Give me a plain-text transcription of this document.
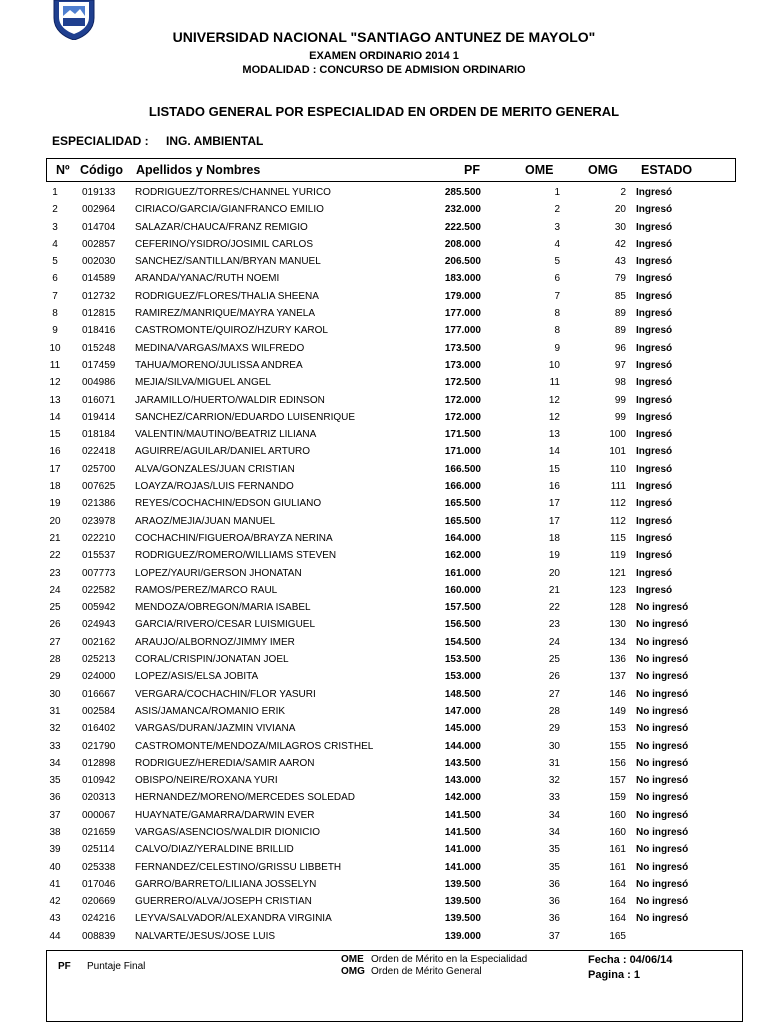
UNIVERSIDAD NACIONAL "SANTIAGO ANTUNEZ DE MAYOLO"
EXAMEN ORDINARIO 2014 1
MODALIDAD : CONCURSO DE ADMISION ORDINARIO
LISTADO GENERAL POR ESPECIALIDAD EN ORDEN DE MERITO GENERAL
ESPECIALIDAD : ING. AMBIENTAL
Nº Código Apellidos y Nombres	PF	OME	OMG ESTADO
1	019133 RODRIGUEZ/TORRES/CHANNEL YURICO	285.500	1	2 Ingresó
2	002964 CIRIACO/GARCIA/GIANFRANCO EMILIO	232.000	2	20 Ingresó
3	014704 SALAZAR/CHAUCA/FRANZ REMIGIO	222.500	3	30 Ingresó
4	002857 CEFERINO/YSIDRO/JOSIMIL CARLOS	208.000	4	42 Ingresó
5	002030 SANCHEZ/SANTILLAN/BRYAN MANUEL	206.500	5	43 Ingresó
6	014589 ARANDA/YANAC/RUTH NOEMI	183.000	6	79 Ingresó
7	012732 RODRIGUEZ/FLORES/THALIA SHEENA	179.000	7	85 Ingresó
8	012815 RAMIREZ/MANRIQUE/MAYRA YANELA	177.000	8	89 Ingresó
9	018416 CASTROMONTE/QUIROZ/HZURY KAROL	177.000	8	89 Ingresó
10	015248 MEDINA/VARGAS/MAXS WILFREDO	173.500	9	96 Ingresó
11	017459 TAHUA/MORENO/JULISSA ANDREA	173.000	10	97 Ingresó
12	004986 MEJIA/SILVA/MIGUEL ANGEL	172.500	11	98 Ingresó
13	016071 JARAMILLO/HUERTO/WALDIR EDINSON	172.000	12	99 Ingresó
14	019414 SANCHEZ/CARRION/EDUARDO LUISENRIQUE	172.000	12	99 Ingresó
15	018184 VALENTIN/MAUTINO/BEATRIZ LILIANA	171.500	13	100 Ingresó
16	022418 AGUIRRE/AGUILAR/DANIEL ARTURO	171.000	14	101 Ingresó
17	025700 ALVA/GONZALES/JUAN CRISTIAN	166.500	15	110 Ingresó
18	007625 LOAYZA/ROJAS/LUIS FERNANDO	166.000	16	111 Ingresó
19	021386 REYES/COCHACHIN/EDSON GIULIANO	165.500	17	112 Ingresó
20	023978 ARAOZ/MEJIA/JUAN MANUEL	165.500	17	112 Ingresó
21	022210 COCHACHIN/FIGUEROA/BRAYZA NERINA	164.000	18	115 Ingresó
22	015537 RODRIGUEZ/ROMERO/WILLIAMS STEVEN	162.000	19	119 Ingresó
23	007773 LOPEZ/YAURI/GERSON JHONATAN	161.000	20	121 Ingresó
24	022582 RAMOS/PEREZ/MARCO RAUL	160.000	21	123 Ingresó
25	005942 MENDOZA/OBREGON/MARIA ISABEL	157.500	22	128 No ingresó
26	024943 GARCIA/RIVERO/CESAR LUISMIGUEL	156.500	23	130 No ingresó
27	002162 ARAUJO/ALBORNOZ/JIMMY IMER	154.500	24	134 No ingresó
28	025213 CORAL/CRISPIN/JONATAN JOEL	153.500	25	136 No ingresó
29	024000 LOPEZ/ASIS/ELSA JOBITA	153.000	26	137 No ingresó
30	016667 VERGARA/COCHACHIN/FLOR YASURI	148.500	27	146 No ingresó
31	002584 ASIS/JAMANCA/ROMANIO ERIK	147.000	28	149 No ingresó
32	016402 VARGAS/DURAN/JAZMIN VIVIANA	145.000	29	153 No ingresó
33	021790 CASTROMONTE/MENDOZA/MILAGROS CRISTHEL	144.000	30	155 No ingresó
34	012898 RODRIGUEZ/HEREDIA/SAMIR AARON	143.500	31	156 No ingresó
35	010942 OBISPO/NEIRE/ROXANA YURI	143.000	32	157 No ingresó
36	020313 HERNANDEZ/MORENO/MERCEDES SOLEDAD	142.000	33	159 No ingresó
37	000067 HUAYNATE/GAMARRA/DARWIN EVER	141.500	34	160 No ingresó
38	021659 VARGAS/ASENCIOS/WALDIR DIONICIO	141.500	34	160 No ingresó
39	025114 CALVO/DIAZ/YERALDINE BRILLID	141.000	35	161 No ingresó
40	025338 FERNANDEZ/CELESTINO/GRISSU LIBBETH	141.000	35	161 No ingresó
41	017046 GARRO/BARRETO/LILIANA JOSSELYN	139.500	36	164 No ingresó
42	020669 GUERRERO/ALVA/JOSEPH CRISTIAN	139.500	36	164 No ingresó
43	024216 LEYVA/SALVADOR/ALEXANDRA VIRGINIA	139.500	36	164 No ingresó
44	008839 NALVARTE/JESUS/JOSE LUIS	139.000	37	165
PF Puntaje Final
OME Orden de Mérito en la Especialidad
OMG Orden de Mérito General
Fecha : 04/06/14
Pagina : 1
